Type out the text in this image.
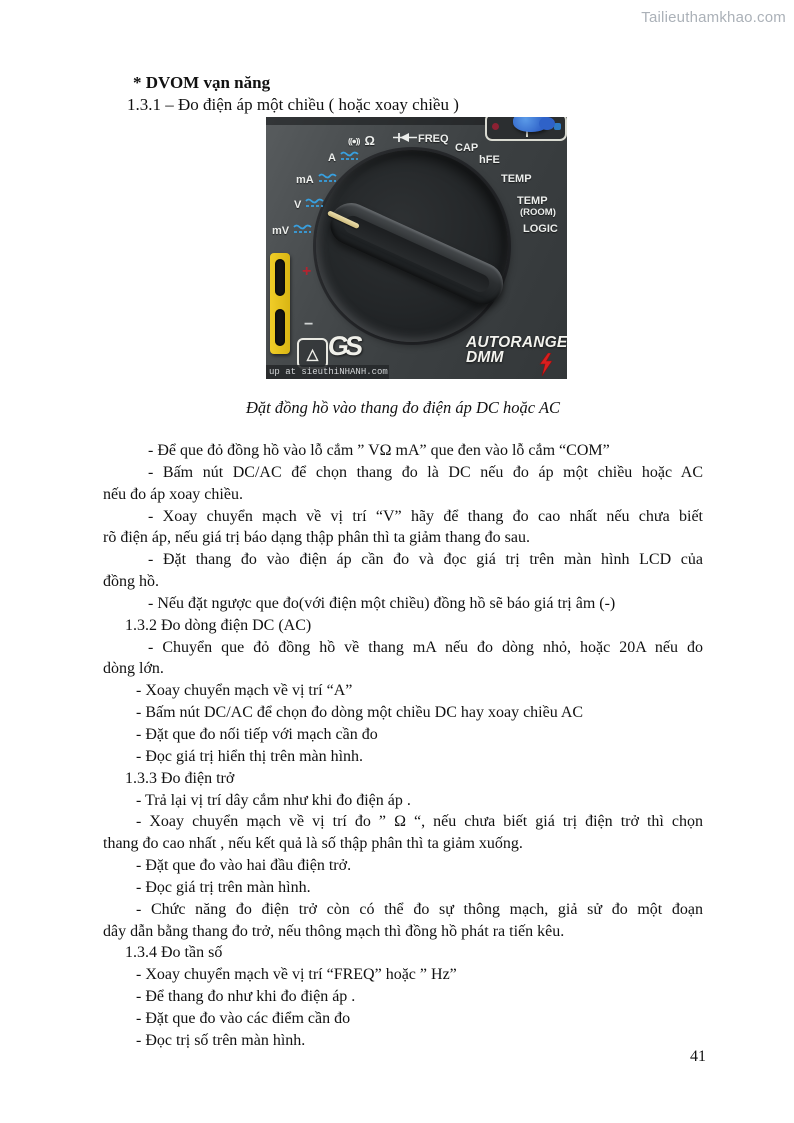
Tailieuthamkhao.com
* DVOM vạn năng
1.3.1 – Đo điện áp một chiều ( hoặc xoay chiều )
A
mA
V
mV
((●)) Ω	FREQ
CAP
hFE
TEMP
TEMP
(ROOM)
LOGIC
AUTORANGE
DMM
+
−
△ GS
up at sieuthiNHANH.com
Đặt đồng hồ vào thang đo điện áp DC hoặc AC
- Để que đỏ đồng hồ vào lỗ cắm ” VΩ mA” que đen vào lỗ cắm “COM”
- Bấm nút DC/AC để chọn thang đo là DC nếu đo áp một chiều hoặc AC
nếu đo áp xoay chiều.
- Xoay chuyển mạch về vị trí “V” hãy để thang đo cao nhất nếu chưa biết
rõ điện áp, nếu giá trị báo dạng thập phân thì ta giảm thang đo sau.
- Đặt thang đo vào điện áp cần đo và đọc giá trị trên màn hình LCD của
đồng hồ.
- Nếu đặt ngược que đo(với điện một chiều) đồng hồ sẽ báo giá trị âm (-)
1.3.2 Đo dòng điện DC (AC)
- Chuyển que đỏ đồng hồ về thang mA nếu đo dòng nhỏ, hoặc 20A nếu đo
dòng lớn.
- Xoay chuyển mạch về vị trí “A”
- Bấm nút DC/AC để chọn đo dòng một chiều DC hay xoay chiều AC
- Đặt que đo nối tiếp với mạch cần đo
- Đọc giá trị hiển thị trên màn hình.
1.3.3 Đo điện trở
- Trả lại vị trí dây cắm như khi đo điện áp .
- Xoay chuyển mạch về vị trí đo ” Ω “, nếu chưa biết giá trị điện trở thì chọn
thang đo cao nhất , nếu kết quả là số thập phân thì ta giảm xuống.
- Đặt que đo vào hai đầu điện trở.
- Đọc giá trị trên màn hình.
- Chức năng đo điện trở còn có thể đo sự thông mạch, giả sử đo một đoạn
dây dẫn bằng thang đo trở, nếu thông mạch thì đồng hồ phát ra tiến kêu.
1.3.4 Đo tần số
- Xoay chuyển mạch về vị trí “FREQ” hoặc ” Hz”
- Để thang đo như khi đo điện áp .
- Đặt que đo vào các điểm cần đo
- Đọc trị số trên màn hình.
41
